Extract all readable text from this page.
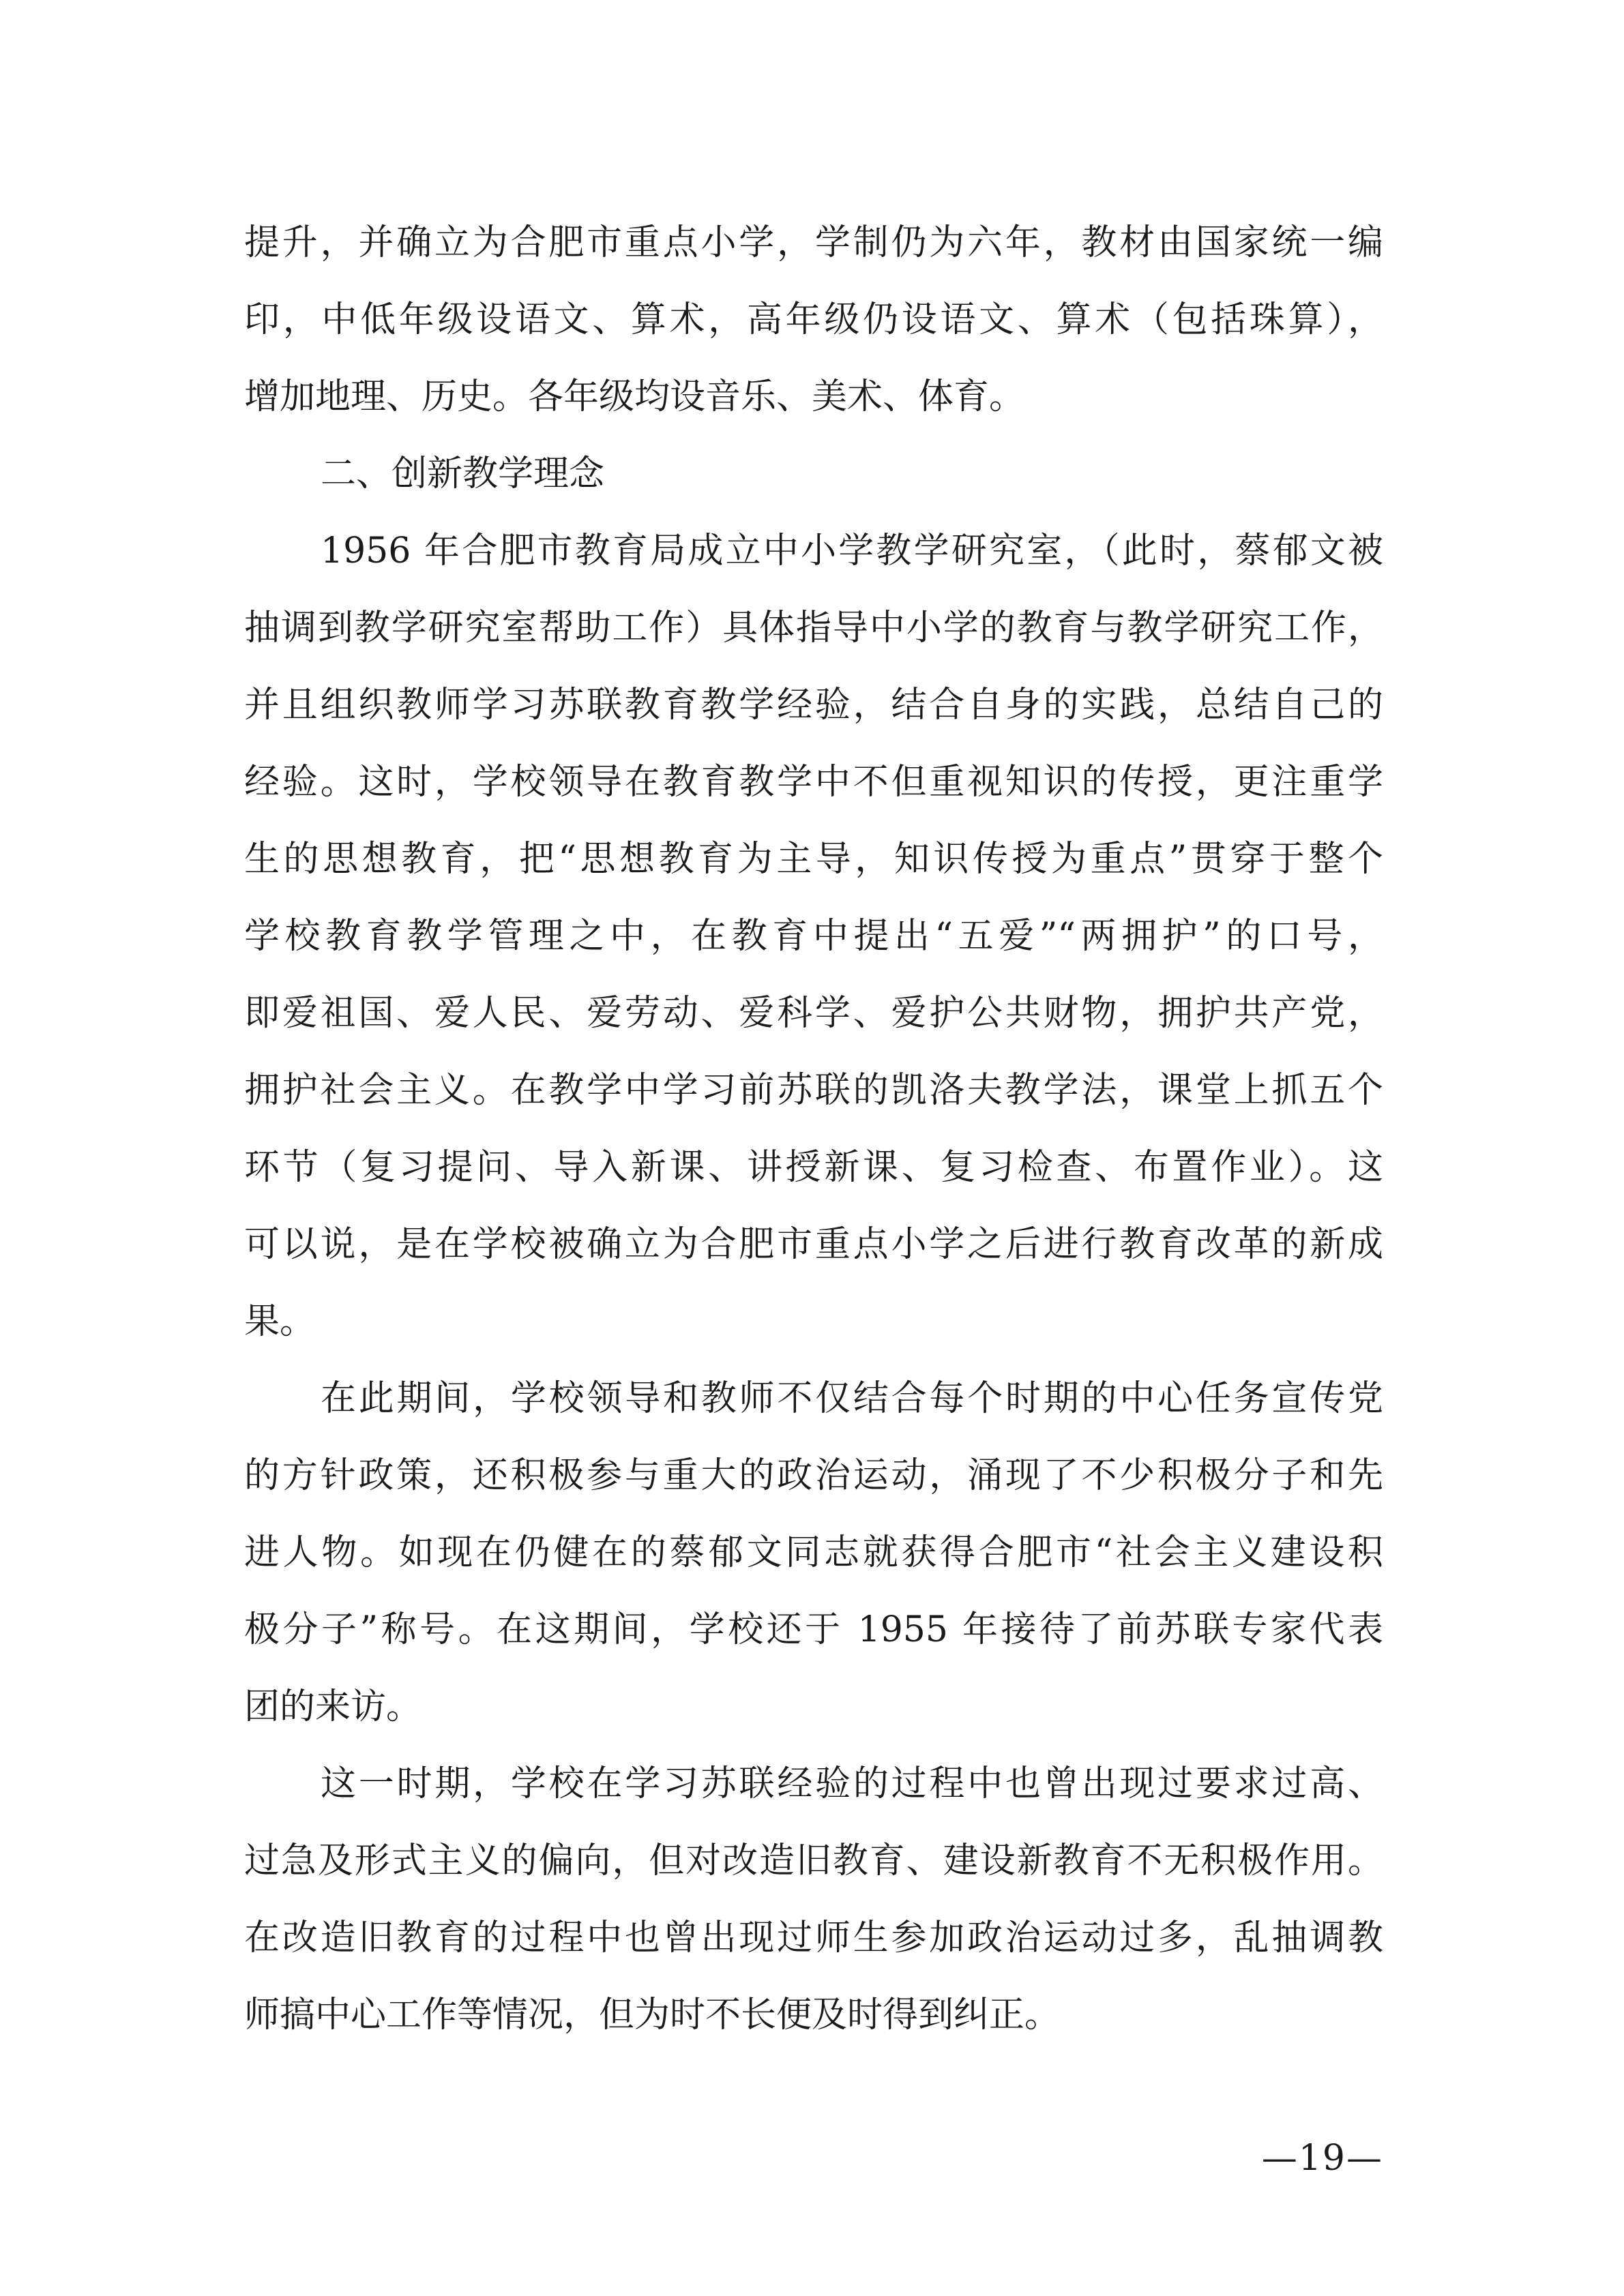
提升，并确立为合肥市重点小学，学制仍为六年，教材由国家统一编
印，中低年级设语文、算术，高年级仍设语文、算术（包括珠算），
增加地理、历史。各年级均设音乐、美术、体育。
二、创新教学理念
1956 年合肥市教育局成立中小学教学研究室，（此时，蔡郁文被
抽调到教学研究室帮助工作）具体指导中小学的教育与教学研究工作，
并且组织教师学习苏联教育教学经验，结合自身的实践，总结自己的
经验。这时，学校领导在教育教学中不但重视知识的传授，更注重学
生的思想教育，把“思想教育为主导，知识传授为重点”贯穿于整个
学校教育教学管理之中，在教育中提出“五爱”“两拥护”的口号，
即爱祖国、爱人民、爱劳动、爱科学、爱护公共财物，拥护共产党，
拥护社会主义。在教学中学习前苏联的凯洛夫教学法，课堂上抓五个
环节（复习提问、导入新课、讲授新课、复习检查、布置作业）。这
可以说，是在学校被确立为合肥市重点小学之后进行教育改革的新成
果。
在此期间，学校领导和教师不仅结合每个时期的中心任务宣传党
的方针政策，还积极参与重大的政治运动，涌现了不少积极分子和先
进人物。如现在仍健在的蔡郁文同志就获得合肥市“社会主义建设积
极分子”称号。在这期间，学校还于 1955 年接待了前苏联专家代表
团的来访。
这一时期，学校在学习苏联经验的过程中也曾出现过要求过高、
过急及形式主义的偏向，但对改造旧教育、建设新教育不无积极作用。
在改造旧教育的过程中也曾出现过师生参加政治运动过多，乱抽调教
师搞中心工作等情况，但为时不长便及时得到纠正。
—19—
